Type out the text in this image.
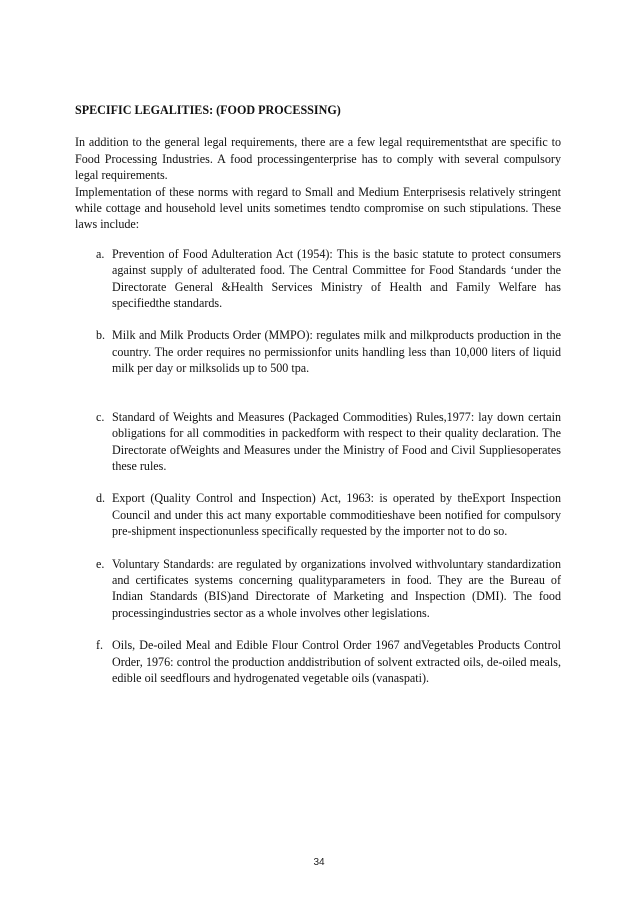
SPECIFIC LEGALITIES: (FOOD PROCESSING)

In addition to the general legal requirements, there are a few legal requirementsthat are specific to Food Processing Industries. A food processingenterprise has to comply with several compulsory legal requirements.

Implementation of these norms with regard to Small and Medium Enterprisesis relatively stringent while cottage and household level units sometimes tendto compromise on such stipulations. These laws include:

a. Prevention of Food Adulteration Act (1954): This is the basic statute to protect consumers against supply of adulterated food. The Central Committee for Food Standards ‘under the Directorate General &Health Services Ministry of Health and Family Welfare has specifiedthe standards.
b. Milk and Milk Products Order (MMPO): regulates milk and milkproducts production in the country. The order requires no permissionfor units handling less than 10,000 liters of liquid milk per day or milksolids up to 500 tpa.
c. Standard of Weights and Measures (Packaged Commodities) Rules,1977: lay down certain obligations for all commodities in packedform with respect to their quality declaration. The Directorate ofWeights and Measures under the Ministry of Food and Civil Suppliesoperates these rules.
d. Export (Quality Control and Inspection) Act, 1963: is operated by theExport Inspection Council and under this act many exportable commoditieshave been notified for compulsory pre-shipment inspectionunless specifically requested by the importer not to do so.
e. Voluntary Standards: are regulated by organizations involved withvoluntary standardization and certificates systems concerning qualityparameters in food. They are the Bureau of Indian Standards (BIS)and Directorate of Marketing and Inspection (DMI). The food processingindustries sector as a whole involves other legislations.
f. Oils, De-oiled Meal and Edible Flour Control Order 1967 andVegetables Products Control Order, 1976: control the production anddistribution of solvent extracted oils, de-oiled meals, edible oil seedflours and hydrogenated vegetable oils (vanaspati).
34
